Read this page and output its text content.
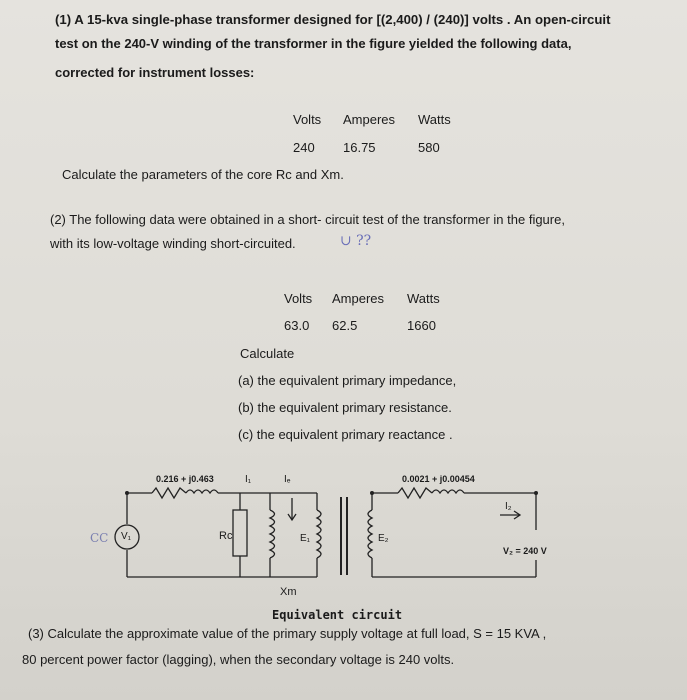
(1) A 15-kva single-phase transformer designed for [(2,400) / (240)] volts . An open-circuit
test on the 240-V winding of the transformer in the figure yielded the following data,
corrected for instrument losses:
Volts Amperes Watts
240 16.75	580
Calculate the parameters of the core Rc and Xm.
(2) The following data were obtained in a short- circuit test of the transformer in the figure,
with its low-voltage winding short-circuited.	∪ ??
Volts Amperes Watts
63.0 62.5	1660
Calculate
(a) the equivalent primary impedance,
(b) the equivalent primary resistance.
(c) the equivalent primary reactance .
0.216 + j0.463	0.0021 + j0.00454
I₁	Iₑ
I₂
V₁	Rc
Xm
E₁	E₂
V₂ = 240 V
CC
Equivalent circuit
(3) Calculate the approximate value of the primary supply voltage at full load, S = 15 KVA ,
80 percent power factor (lagging), when the secondary voltage is 240 volts.
